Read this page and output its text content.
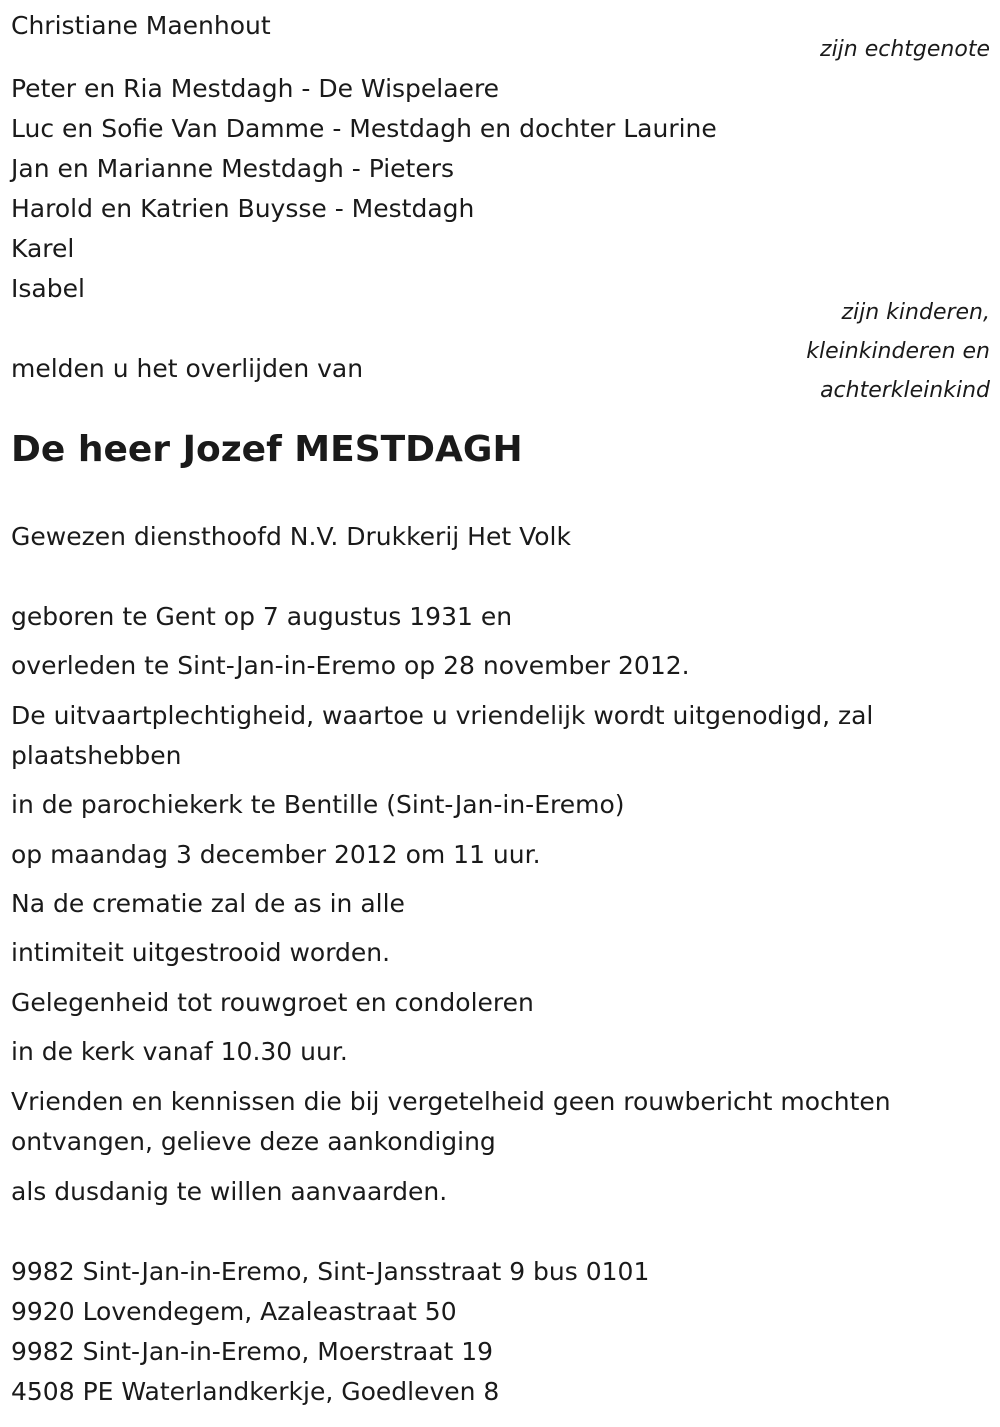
Christiane Maenhout
zijn echtgenote
Peter en Ria Mestdagh - De Wispelaere
Luc en Sofie Van Damme - Mestdagh en dochter Laurine
Jan en Marianne Mestdagh - Pieters
Harold en Katrien Buysse - Mestdagh
Karel
Isabel
zijn kinderen,
kleinkinderen en
achterkleinkind
melden u het overlijden van
De heer Jozef MESTDAGH
Gewezen diensthoofd N.V. Drukkerij Het Volk
geboren te Gent op 7 augustus 1931 en
overleden te Sint-Jan-in-Eremo op 28 november 2012.
De uitvaartplechtigheid, waartoe u vriendelijk wordt uitgenodigd, zal plaatshebben
in de parochiekerk te Bentille (Sint-Jan-in-Eremo)
op maandag 3 december 2012 om 11 uur.
Na de crematie zal de as in alle
intimiteit uitgestrooid worden.
Gelegenheid tot rouwgroet en condoleren
in de kerk vanaf 10.30 uur.
Vrienden en kennissen die bij vergetelheid geen rouwbericht mochten ontvangen, gelieve deze aankondiging
als dusdanig te willen aanvaarden.
9982 Sint-Jan-in-Eremo, Sint-Jansstraat 9 bus 0101
9920 Lovendegem, Azaleastraat 50
9982 Sint-Jan-in-Eremo, Moerstraat 19
4508 PE Waterlandkerkje, Goedleven 8
